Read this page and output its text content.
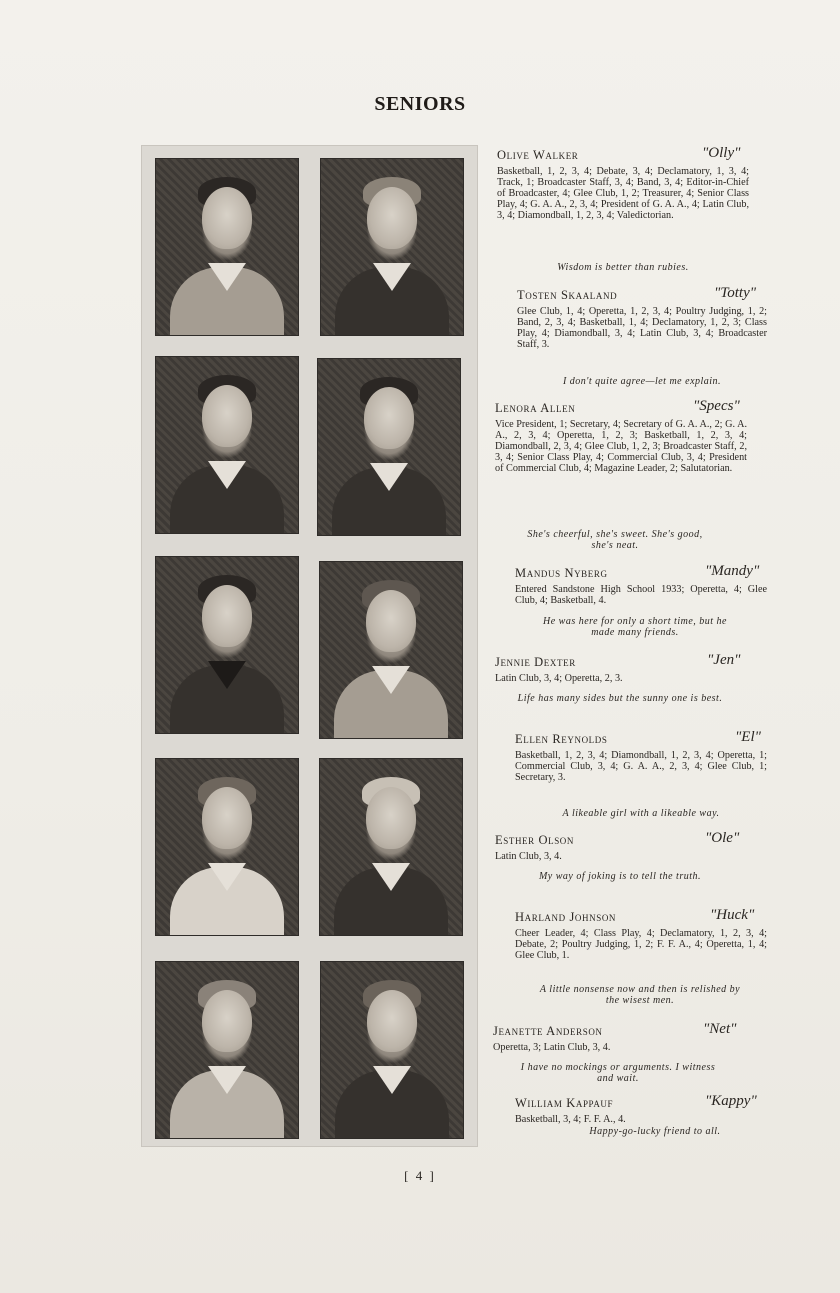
SENIORS
Olive Walker	"Olly"
Basketball, 1, 2, 3, 4; Debate, 3, 4; Declamatory, 1, 3, 4; Track, 1; Broadcaster Staff, 3, 4; Band, 3, 4; Editor-in-Chief of Broadcaster, 4; Glee Club, 1, 2; Treasurer, 4; Senior Class Play, 4; G. A. A., 2, 3, 4; President of G. A. A., 4; Latin Club, 3, 4; Diamondball, 1, 2, 3, 4; Valedictorian.
Wisdom is better than rubies.
Tosten Skaaland	"Totty"
Glee Club, 1, 4; Operetta, 1, 2, 3, 4; Poultry Judging, 1, 2; Band, 2, 3, 4; Basketball, 1, 4; Declamatory, 1, 2, 3; Class Play, 4; Diamondball, 3, 4; Latin Club, 3, 4; Broadcaster Staff, 3.
I don't quite agree—let me explain.
Lenora Allen	"Specs"
Vice President, 1; Secretary, 4; Secretary of G. A. A., 2; G. A. A., 2, 3, 4; Operetta, 1, 2, 3; Basketball, 1, 2, 3, 4; Diamondball, 2, 3, 4; Glee Club, 1, 2, 3; Broadcaster Staff, 2, 3, 4; Senior Class Play, 4; Commercial Club, 3, 4; President of Commercial Club, 4; Magazine Leader, 2; Salutatorian.
She's cheerful, she's sweet. She's good, she's neat.
Mandus Nyberg	"Mandy"
Entered Sandstone High School 1933; Operetta, 4; Glee Club, 4; Basketball, 4.
He was here for only a short time, but he made many friends.
Jennie Dexter	"Jen"
Latin Club, 3, 4; Operetta, 2, 3.
Life has many sides but the sunny one is best.
Ellen Reynolds	"El"
Basketball, 1, 2, 3, 4; Diamondball, 1, 2, 3, 4; Operetta, 1; Commercial Club, 3, 4; G. A. A., 2, 3, 4; Glee Club, 1; Secretary, 3.
A likeable girl with a likeable way.
Esther Olson	"Ole"
Latin Club, 3, 4.
My way of joking is to tell the truth.
Harland Johnson	"Huck"
Cheer Leader, 4; Class Play, 4; Declamatory, 1, 2, 3, 4; Debate, 2; Poultry Judging, 1, 2; F. F. A., 4; Operetta, 1, 4; Glee Club, 1.
A little nonsense now and then is relished by the wisest men.
Jeanette Anderson	"Net"
Operetta, 3; Latin Club, 3, 4.
I have no mockings or arguments. I witness and wait.
William Kappauf	"Kappy"
Basketball, 3, 4; F. F. A., 4.
Happy-go-lucky friend to all.
[ 4 ]
